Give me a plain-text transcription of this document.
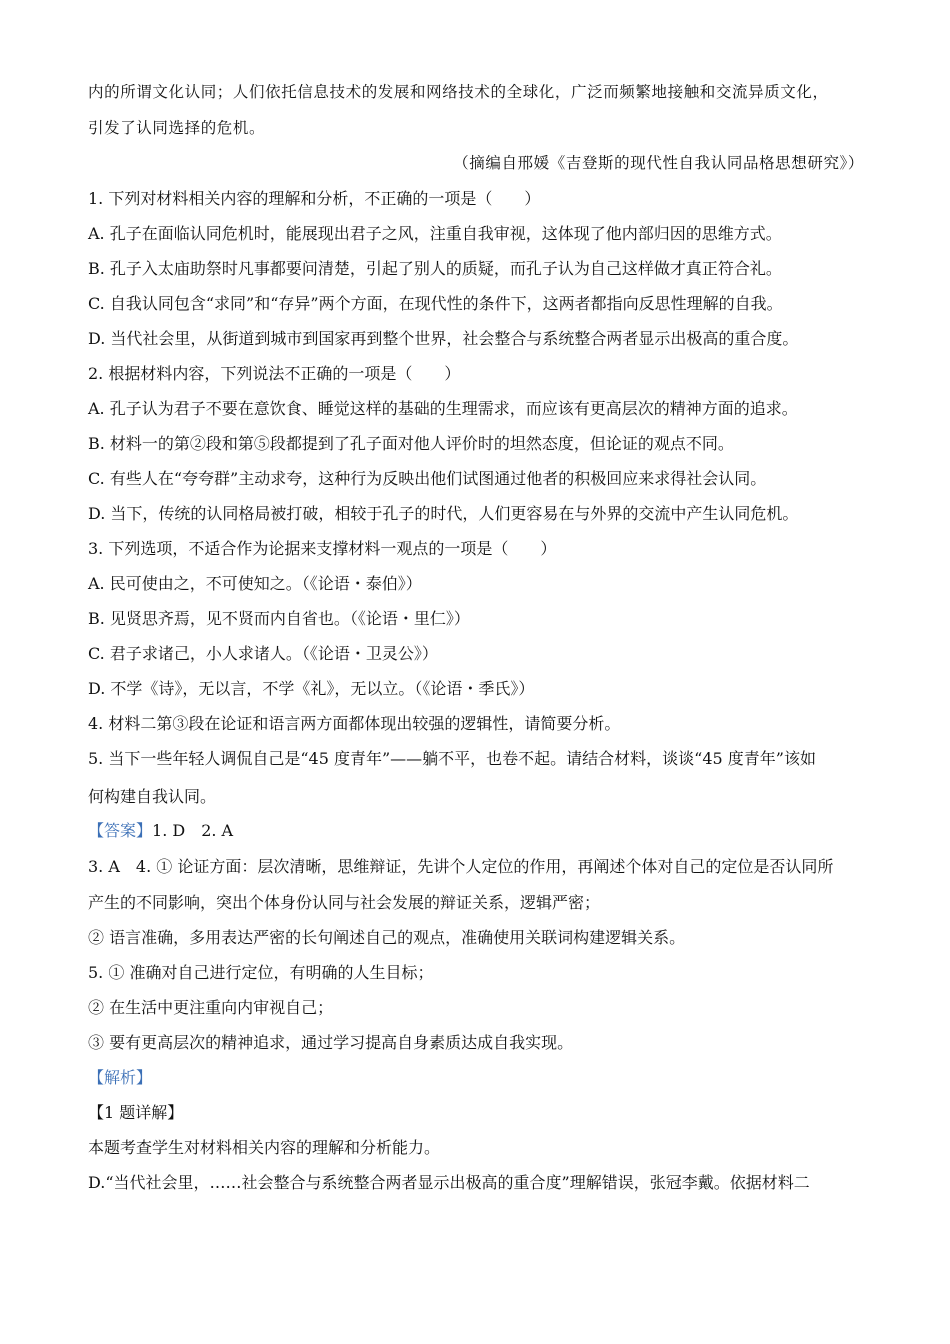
内的所谓文化认同；人们依托信息技术的发展和网络技术的全球化，广泛而频繁地接触和交流异质文化，
引发了认同选择的危机。
（摘编自邢媛《吉登斯的现代性自我认同品格思想研究》）
1. 下列对材料相关内容的理解和分析，不正确的一项是（　　）
A. 孔子在面临认同危机时，能展现出君子之风，注重自我审视，这体现了他内部归因的思维方式。
B. 孔子入太庙助祭时凡事都要问清楚，引起了别人的质疑，而孔子认为自己这样做才真正符合礼。
C. 自我认同包含“求同”和“存异”两个方面，在现代性的条件下，这两者都指向反思性理解的自我。
D. 当代社会里，从街道到城市到国家再到整个世界，社会整合与系统整合两者显示出极高的重合度。
2. 根据材料内容，下列说法不正确的一项是（　　）
A. 孔子认为君子不要在意饮食、睡觉这样的基础的生理需求，而应该有更高层次的精神方面的追求。
B. 材料一的第②段和第⑤段都提到了孔子面对他人评价时的坦然态度，但论证的观点不同。
C. 有些人在“夸夸群”主动求夸，这种行为反映出他们试图通过他者的积极回应来求得社会认同。
D. 当下，传统的认同格局被打破，相较于孔子的时代，人们更容易在与外界的交流中产生认同危机。
3. 下列选项，不适合作为论据来支撑材料一观点的一项是（　　）
A. 民可使由之，不可使知之。（《论语・泰伯》）
B. 见贤思齐焉，见不贤而内自省也。（《论语・里仁》）
C. 君子求诸己，小人求诸人。（《论语・卫灵公》）
D. 不学《诗》，无以言，不学《礼》，无以立。（《论语・季氏》）
4. 材料二第③段在论证和语言两方面都体现出较强的逻辑性，请简要分析。
5. 当下一些年轻人调侃自己是“45 度青年”——躺不平，也卷不起。请结合材料，谈谈“45 度青年”该如
何构建自我认同。
【答案】1. D　2. A
3. A　4. ① 论证方面：层次清晰，思维辩证，先讲个人定位的作用，再阐述个体对自己的定位是否认同所
产生的不同影响，突出个体身份认同与社会发展的辩证关系，逻辑严密；
② 语言准确，多用表达严密的长句阐述自己的观点，准确使用关联词构建逻辑关系。
5. ① 准确对自己进行定位，有明确的人生目标；
② 在生活中更注重向内审视自己；
③ 要有更高层次的精神追求，通过学习提高自身素质达成自我实现。
【解析】
【1 题详解】
本题考查学生对材料相关内容的理解和分析能力。
D.“当代社会里，……社会整合与系统整合两者显示出极高的重合度”理解错误，张冠李戴。依据材料二
